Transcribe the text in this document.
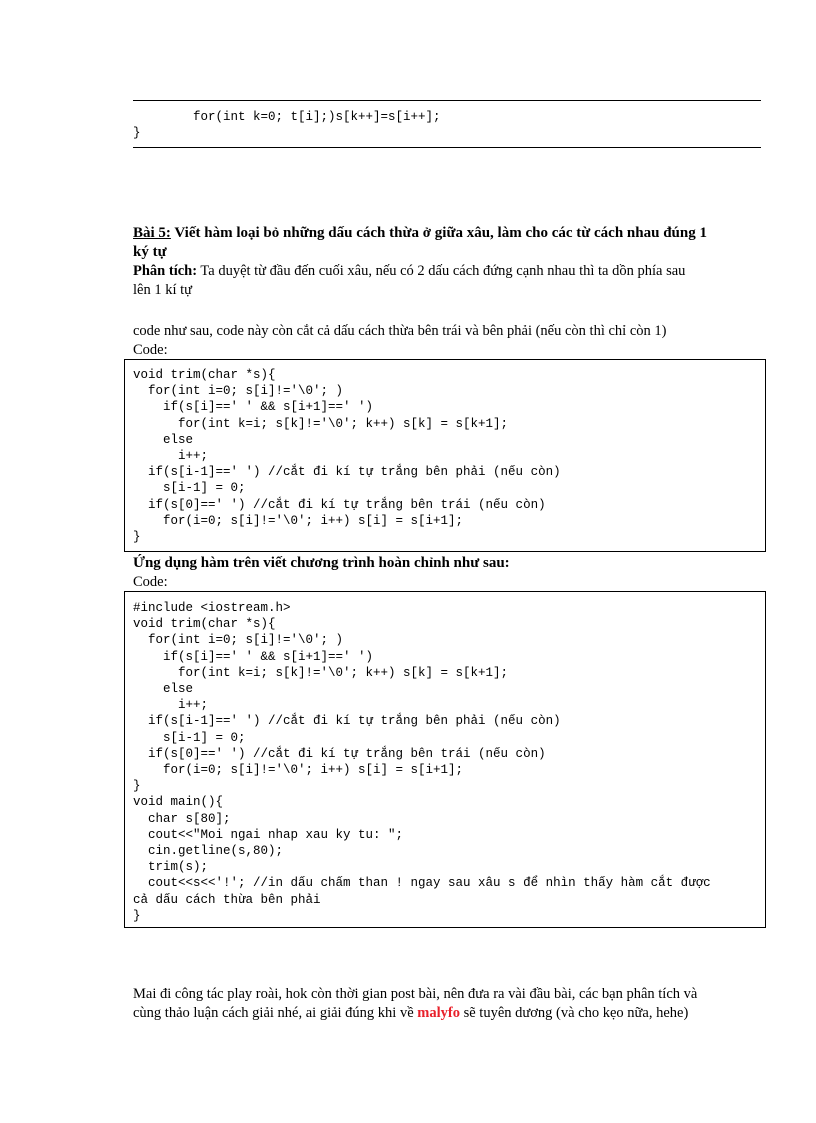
for(int k=0; t[i];)s[k++]=s[i++];
}
Bài 5: Viết hàm loại bỏ những dấu cách thừa ở giữa xâu, làm cho các từ cách nhau đúng 1
ký tự
Phân tích: Ta duyệt từ đầu đến cuối xâu, nếu có 2 dấu cách đứng cạnh nhau thì ta dồn phía sau
lên 1 kí tự
code như sau, code này còn cắt cả dấu cách thừa bên trái và bên phải (nếu còn thì chỉ còn 1)
Code:
void trim(char *s){
for(int i=0; s[i]!='\0'; )
if(s[i]==' ' && s[i+1]==' ')
for(int k=i; s[k]!='\0'; k++) s[k] = s[k+1];
else
i++;
if(s[i-1]==' ') //cắt đi kí tự trắng bên phải (nếu còn)
s[i-1] = 0;
if(s[0]==' ') //cắt đi kí tự trắng bên trái (nếu còn)
for(i=0; s[i]!='\0'; i++) s[i] = s[i+1];
}
Ứng dụng hàm trên viết chương trình hoàn chỉnh như sau:
Code:
#include <iostream.h>
void trim(char *s){
for(int i=0; s[i]!='\0'; )
if(s[i]==' ' && s[i+1]==' ')
for(int k=i; s[k]!='\0'; k++) s[k] = s[k+1];
else
i++;
if(s[i-1]==' ') //cắt đi kí tự trắng bên phải (nếu còn)
s[i-1] = 0;
if(s[0]==' ') //cắt đi kí tự trắng bên trái (nếu còn)
for(i=0; s[i]!='\0'; i++) s[i] = s[i+1];
}
void main(){
char s[80];
cout<<"Moi ngai nhap xau ky tu: ";
cin.getline(s,80);
trim(s);
cout<<s<<'!'; //in dấu chấm than ! ngay sau xâu s để nhìn thấy hàm cắt được
cả dấu cách thừa bên phải
}
Mai đi công tác play roài, hok còn thời gian post bài, nên đưa ra vài đầu bài, các bạn phân tích và
cùng thảo luận cách giải nhé, ai giải đúng khi về malyfo sẽ tuyên dương (và cho kẹo nữa, hehe)
